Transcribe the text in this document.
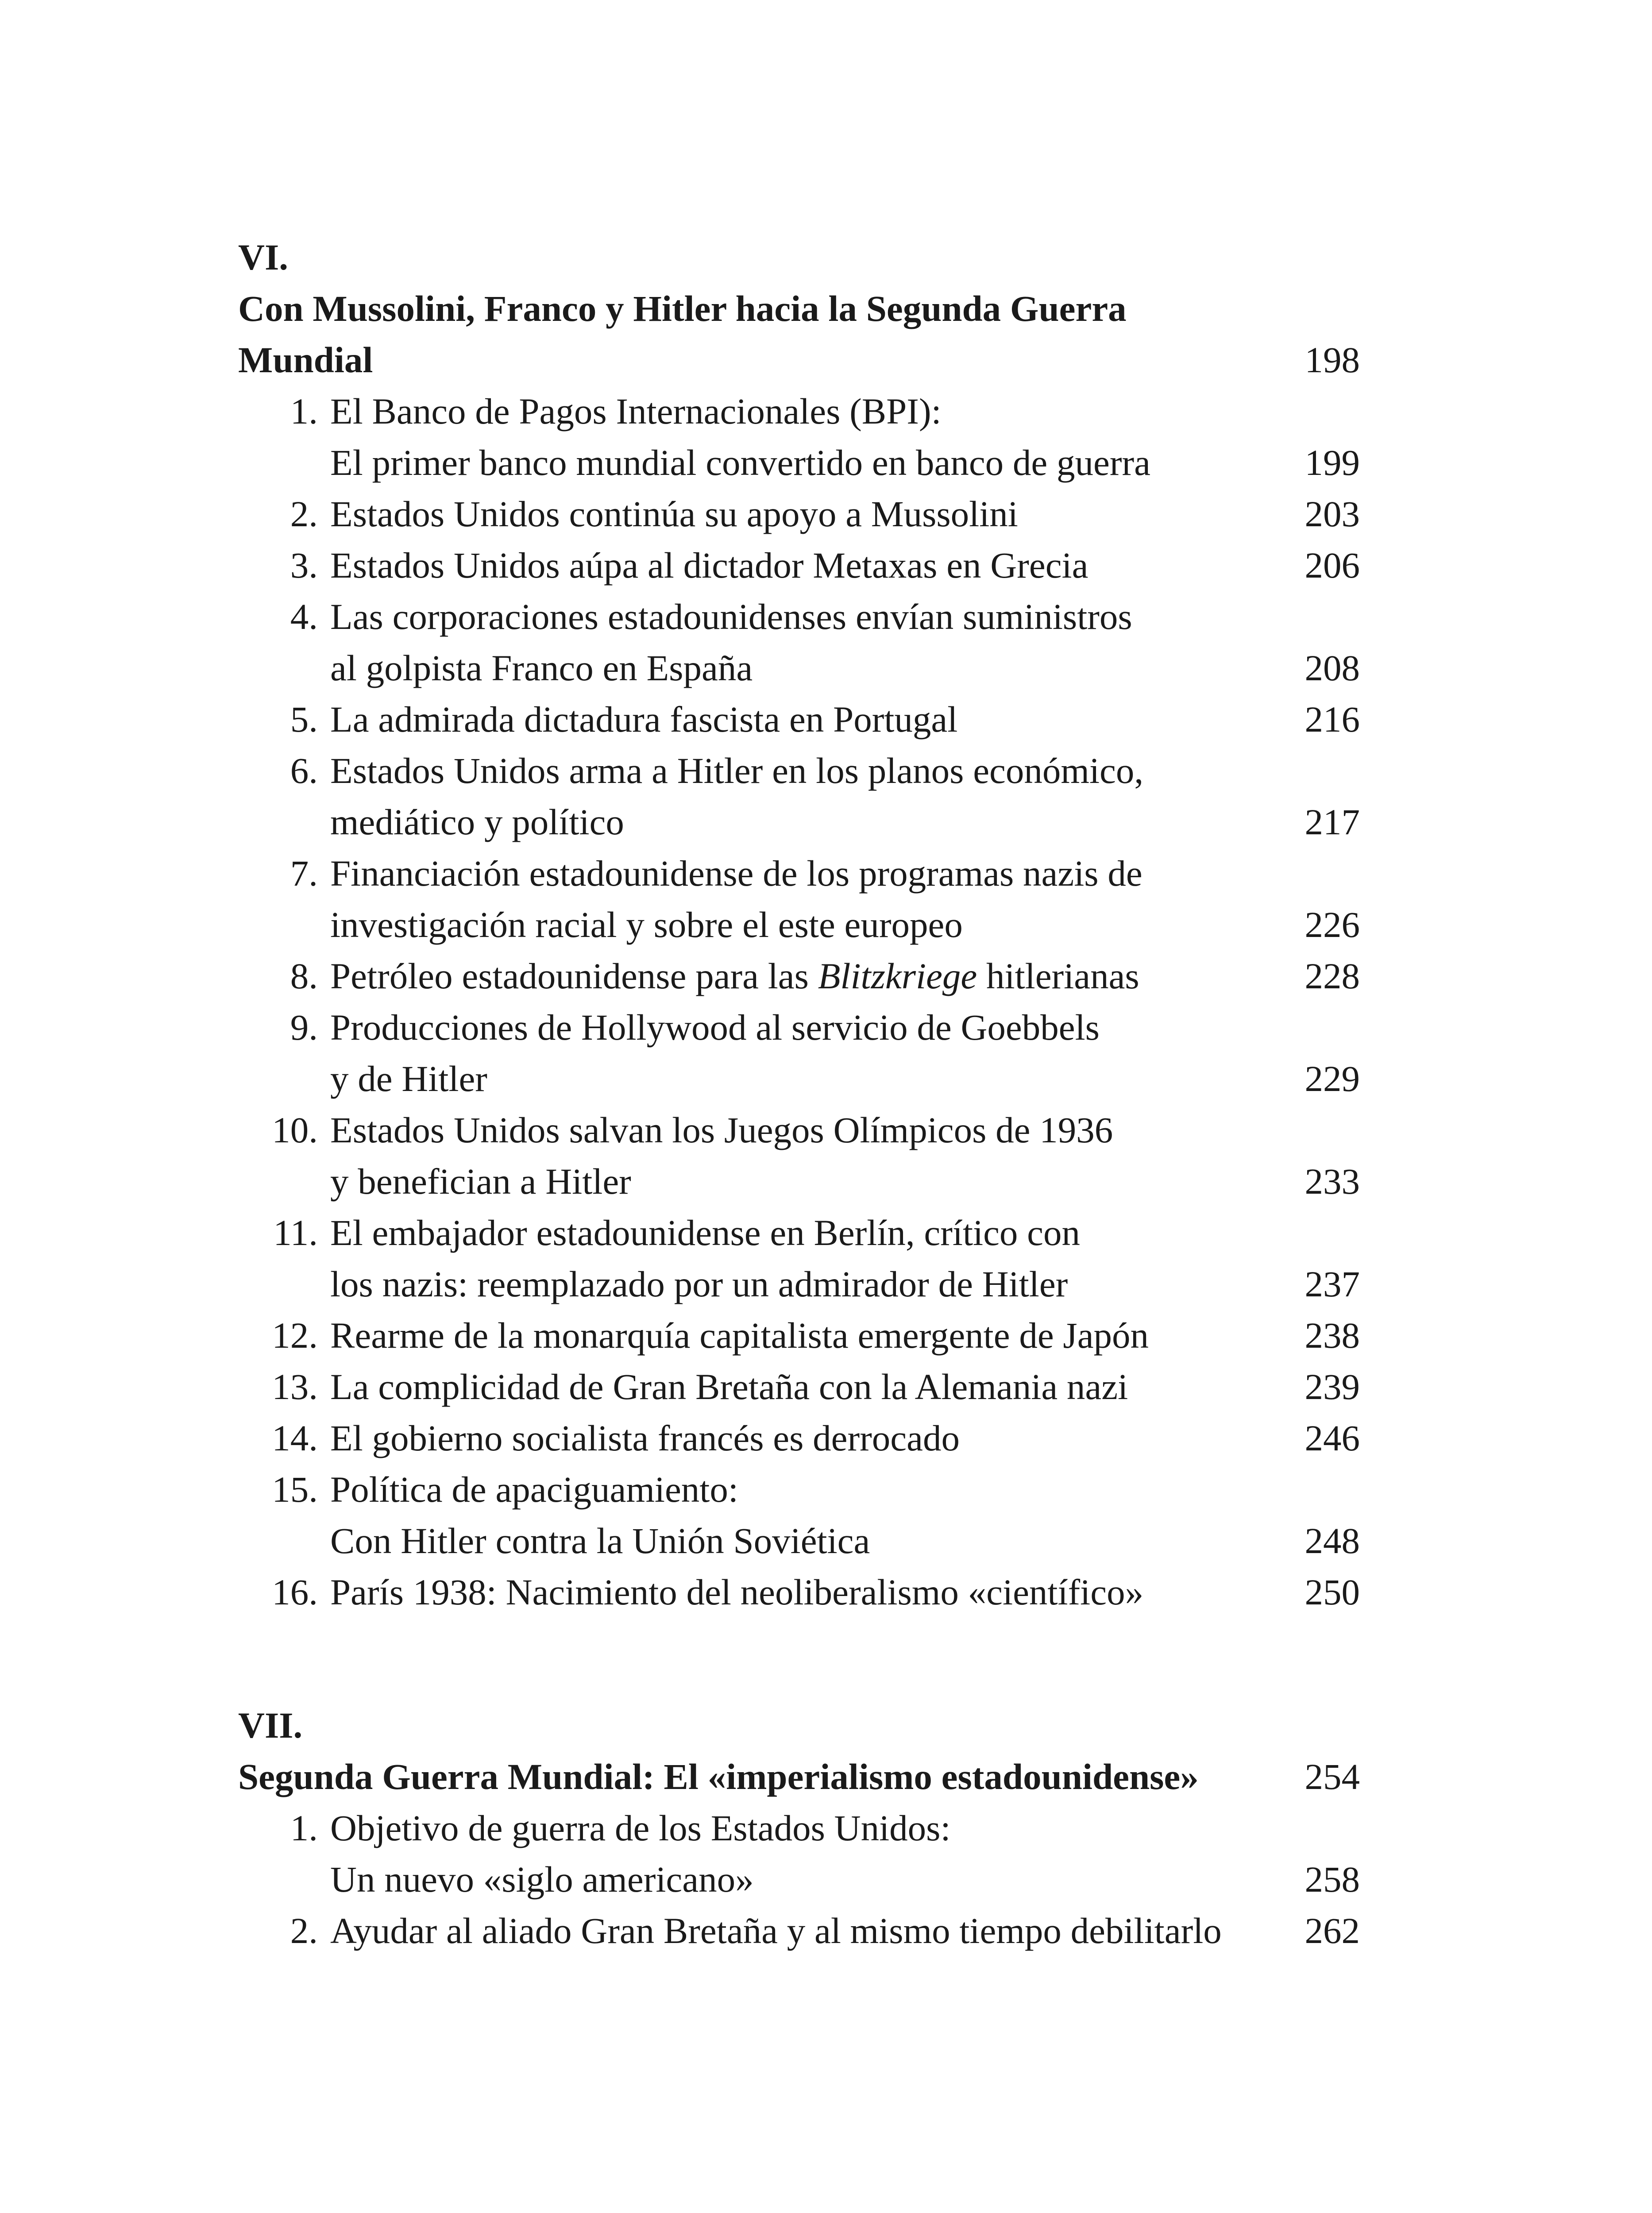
VI.
Con Mussolini, Franco y Hitler hacia la Segunda Guerra
Mundial	198
1. El Banco de Pagos Internacionales (BPI):
El primer banco mundial convertido en banco de guerra	199
2. Estados Unidos continúa su apoyo a Mussolini	203
3. Estados Unidos aúpa al dictador Metaxas en Grecia	206
4. Las corporaciones estadounidenses envían suministros
al golpista Franco en España	208
5. La admirada dictadura fascista en Portugal	216
6. Estados Unidos arma a Hitler en los planos económico,
mediático y político	217
7. Financiación estadounidense de los programas nazis de
investigación racial y sobre el este europeo	226
8. Petróleo estadounidense para las Blitzkriege hitlerianas	228
9. Producciones de Hollywood al servicio de Goebbels
y de Hitler	229
10. Estados Unidos salvan los Juegos Olímpicos de 1936
y benefician a Hitler	233
11. El embajador estadounidense en Berlín, crítico con
los nazis: reemplazado por un admirador de Hitler	237
12. Rearme de la monarquía capitalista emergente de Japón	238
13. La complicidad de Gran Bretaña con la Alemania nazi	239
14. El gobierno socialista francés es derrocado	246
15. Política de apaciguamiento:
Con Hitler contra la Unión Soviética	248
16. París 1938: Nacimiento del neoliberalismo «científico»	250
VII.
Segunda Guerra Mundial: El «imperialismo estadounidense»	254
1. Objetivo de guerra de los Estados Unidos:
Un nuevo «siglo americano»	258
2. Ayudar al aliado Gran Bretaña y al mismo tiempo debilitarlo 262
